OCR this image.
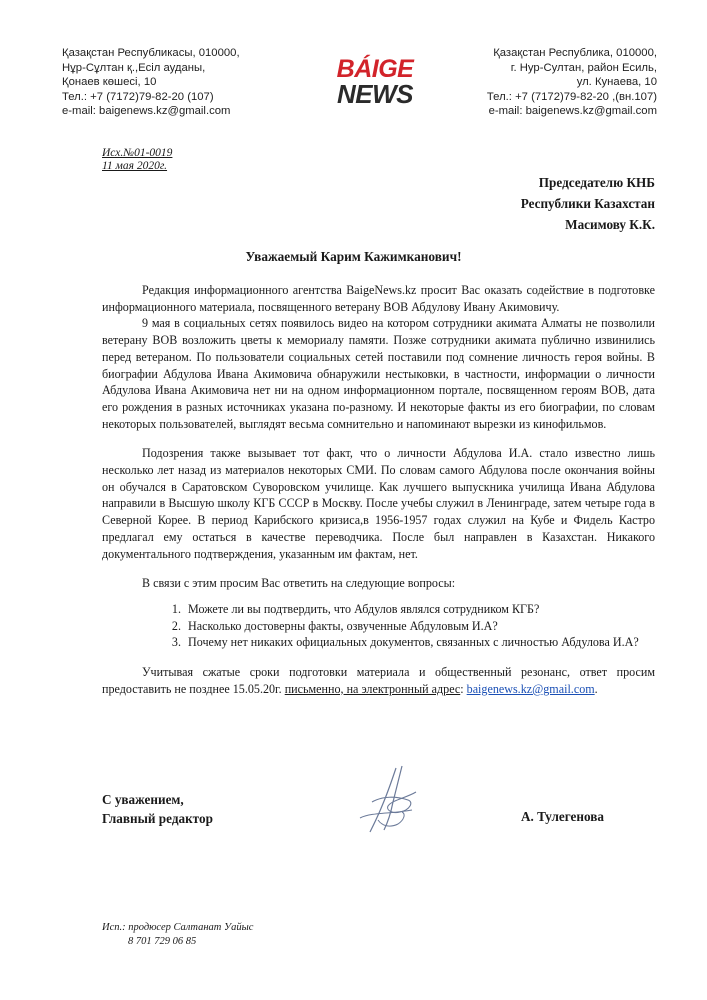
Қазақстан Республикасы, 010000,
Нұр-Сұлтан қ.,Есіл ауданы,
Қонаев көшесі, 10
Тел.: +7 (7172)79-82-20 (107)
e-mail: baigenews.kz@gmail.com
BÁIGE
NEWS
Қазақстан Республика, 010000,
г. Нур-Султан, район Есиль,
ул. Кунаева, 10
Тел.: +7 (7172)79-82-20 ,(вн.107)
e-mail: baigenews.kz@gmail.com
Исх.№01-0019
11 мая 2020г.
Председателю КНБ
Республики Казахстан
Масимову К.К.
Уважаемый Карим Кажимканович!

Редакция информационного агентства BaigeNews.kz просит Вас оказать содействие в подготовке информационного материала, посвященного ветерану ВОВ Абдулову Ивану Акимовичу.

9 мая в социальных сетях появилось видео на котором сотрудники акимата Алматы не позволили ветерану ВОВ возложить цветы к мемориалу памяти. Позже сотрудники акимата публично извинились перед ветераном. По пользователи социальных сетей поставили под сомнение личность героя войны. В биографии Абдулова Ивана Акимовича обнаружили нестыковки, в частности, информации о личности Абдулова Ивана Акимовича нет ни на одном информационном портале, посвященном героям ВОВ, дата его рождения в разных источниках указана по-разному. И некоторые факты из его биографии, по словам некоторых пользователей, выглядят весьма сомнительно и напоминают вырезки из кинофильмов.

Подозрения также вызывает тот факт, что о личности Абдулова И.А. стало известно лишь несколько лет назад из материалов некоторых СМИ. По словам самого Абдулова после окончания войны он обучался в Саратовском Суворовском училище. Как лучшего выпускника училища Ивана Абдулова направили в Высшую школу КГБ СССР в Москву. После учебы служил в Ленинграде, затем четыре года в Северной Корее. В период Карибского кризиса,в 1956-1957 годах служил на Кубе и Фидель Кастро предлагал ему остаться в качестве переводчика. После был направлен в Казахстан. Никакого документального подтверждения, указанным им фактам, нет.

В связи с этим просим Вас ответить на следующие вопросы:

1. Можете ли вы подтвердить, что Абдулов являлся сотрудником КГБ?
2. Насколько достоверны факты, озвученные Абдуловым И.А?
3. Почему нет никаких официальных документов, связанных с личностью Абдулова И.А?

Учитывая сжатые сроки подготовки материала и общественный резонанс, ответ просим предоставить не позднее 15.05.20г. письменно, на электронный адрес: baigenews.kz@gmail.com.

С уважением,
Главный редактор	А. Тулегенова
Исп.: продюсер Салтанат Уайыс
8 701 729 06 85
